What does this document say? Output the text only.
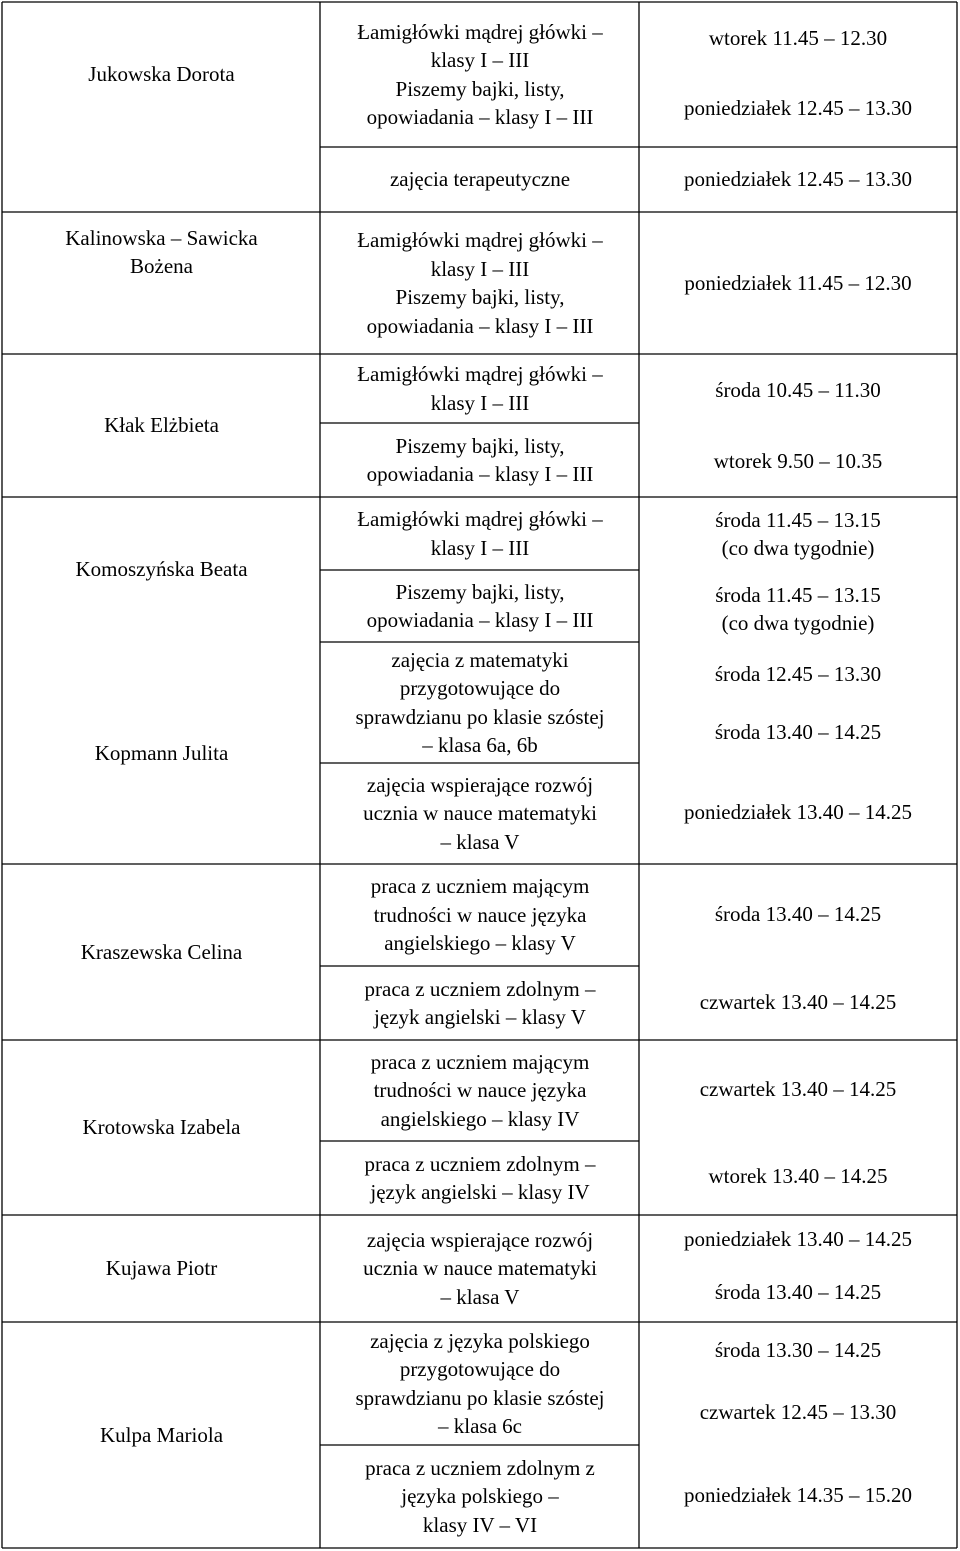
Jukowska Dorota
Łamigłówki mądrej główki –
klasy I – III
Piszemy bajki, listy,
opowiadania – klasy I – III
wtorek 11.45 – 12.30
poniedziałek 12.45 – 13.30
zajęcia terapeutyczne	poniedziałek 12.45 – 13.30
Kalinowska – Sawicka
Bożena
Łamigłówki mądrej główki –
klasy I – III
Piszemy bajki, listy,
opowiadania – klasy I – III
poniedziałek 11.45 – 12.30
Kłak Elżbieta
Łamigłówki mądrej główki –
klasy I – III
Piszemy bajki, listy,
opowiadania – klasy I – III
środa 10.45 – 11.30
wtorek 9.50 – 10.35
Komoszyńska Beata
Łamigłówki mądrej główki –
klasy I – III
Piszemy bajki, listy,
opowiadania – klasy I – III
środa 11.45 – 13.15
(co dwa tygodnie)
środa 11.45 – 13.15
(co dwa tygodnie)
Kopmann Julita
zajęcia z matematyki
przygotowujące do
sprawdzianu po klasie szóstej
– klasa 6a, 6b
zajęcia wspierające rozwój
ucznia w nauce matematyki
– klasa V
środa 12.45 – 13.30
środa 13.40 – 14.25
poniedziałek 13.40 – 14.25
Kraszewska Celina
praca z uczniem mającym
trudności w nauce języka
angielskiego – klasy V
praca z uczniem zdolnym –
język angielski – klasy V
środa 13.40 – 14.25
czwartek 13.40 – 14.25
Krotowska Izabela
praca z uczniem mającym
trudności w nauce języka
angielskiego – klasy IV
praca z uczniem zdolnym –
język angielski – klasy IV
czwartek 13.40 – 14.25
wtorek 13.40 – 14.25
Kujawa Piotr
zajęcia wspierające rozwój
ucznia w nauce matematyki
– klasa V
poniedziałek 13.40 – 14.25
środa 13.40 – 14.25
Kulpa Mariola
zajęcia z języka polskiego
przygotowujące do
sprawdzianu po klasie szóstej
– klasa 6c
praca z uczniem zdolnym z
języka polskiego –
klasy IV – VI
środa 13.30 – 14.25
czwartek 12.45 – 13.30
poniedziałek 14.35 – 15.20
